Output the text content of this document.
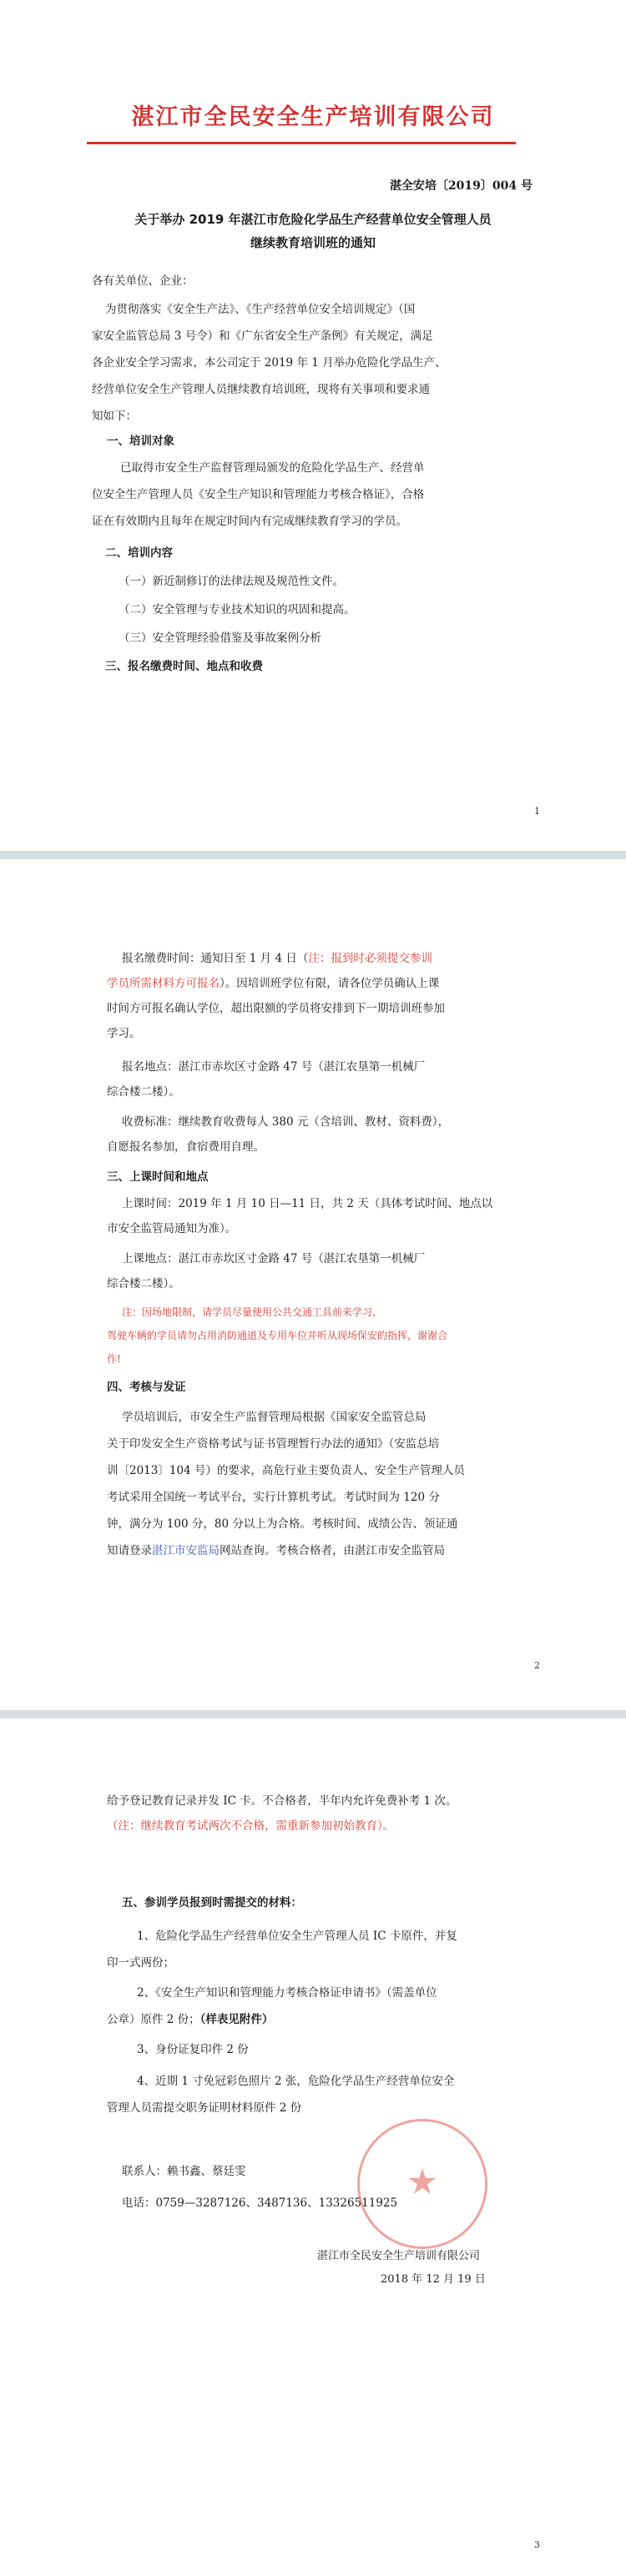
湛江市全民安全生产培训有限公司
湛全安培〔2019〕004 号
关于举办 2019 年湛江市危险化学品生产经营单位安全管理人员
继续教育培训班的通知
各有关单位、企业：
为贯彻落实《安全生产法》、《生产经营单位安全培训规定》（国
家安全监管总局 3 号令）和《广东省安全生产条例》有关规定，满足
各企业安全学习需求，本公司定于 2019 年 1 月举办危险化学品生产、
经营单位安全生产管理人员继续教育培训班，现将有关事项和要求通
知如下：
一、培训对象
已取得市安全生产监督管理局颁发的危险化学品生产、经营单
位安全生产管理人员《安全生产知识和管理能力考核合格证》，合格
证在有效期内且每年在规定时间内有完成继续教育学习的学员。
二、培训内容
（一）新近制修订的法律法规及规范性文件。
（二）安全管理与专业技术知识的巩固和提高。
（三）安全管理经验借鉴及事故案例分析
三、报名缴费时间、地点和收费
1
报名缴费时间：通知日至 1 月 4 日（注：报到时必须提交参训
学员所需材料方可报名）。因培训班学位有限，请各位学员确认上课
时间方可报名确认学位，超出限额的学员将安排到下一期培训班参加
学习。
报名地点：湛江市赤坎区寸金路 47 号（湛江农垦第一机械厂
综合楼二楼）。
收费标准：继续教育收费每人 380 元（含培训、教材、资料费），
自愿报名参加，食宿费用自理。
三、上课时间和地点
上课时间：2019 年 1 月 10 日—11 日，共 2 天（具体考试时间、地点以
市安全监管局通知为准）。
上课地点：湛江市赤坎区寸金路 47 号（湛江农垦第一机械厂
综合楼二楼）。
注：因场地限制，请学员尽量使用公共交通工具前来学习，
驾驶车辆的学员请勿占用消防通道及专用车位并听从现场保安的指挥，谢谢合
作!
四、考核与发证
学员培训后，市安全生产监督管理局根据《国家安全监管总局
关于印发安全生产资格考试与证书管理暂行办法的通知》（安监总培
训〔2013〕104 号）的要求，高危行业主要负责人、安全生产管理人员
考试采用全国统一考试平台，实行计算机考试。考试时间为 120 分
钟，满分为 100 分，80 分以上为合格。考核时间、成绩公告、领证通
知请登录湛江市安监局网站查询。考核合格者，由湛江市安全监管局
2
给予登记教育记录并发 IC 卡。不合格者，半年内允许免费补考 1 次。
（注：继续教育考试两次不合格，需重新参加初始教育）。
五、参训学员报到时需提交的材料：
1、危险化学品生产经营单位安全生产管理人员 IC 卡原件，并复
印一式两份；
2、《安全生产知识和管理能力考核合格证申请书》（需盖单位
公章）原件 2 份；（样表见附件）
3、身份证复印件 2 份
4、近期 1 寸免冠彩色照片 2 张，危险化学品生产经营单位安全
管理人员需提交职务证明材料原件 2 份
联系人：赖书鑫、蔡廷雯
电话：0759—3287126、3487136、13326511925
湛江市全民安全生产培训有限公司
2018 年 12 月 19 日
3
